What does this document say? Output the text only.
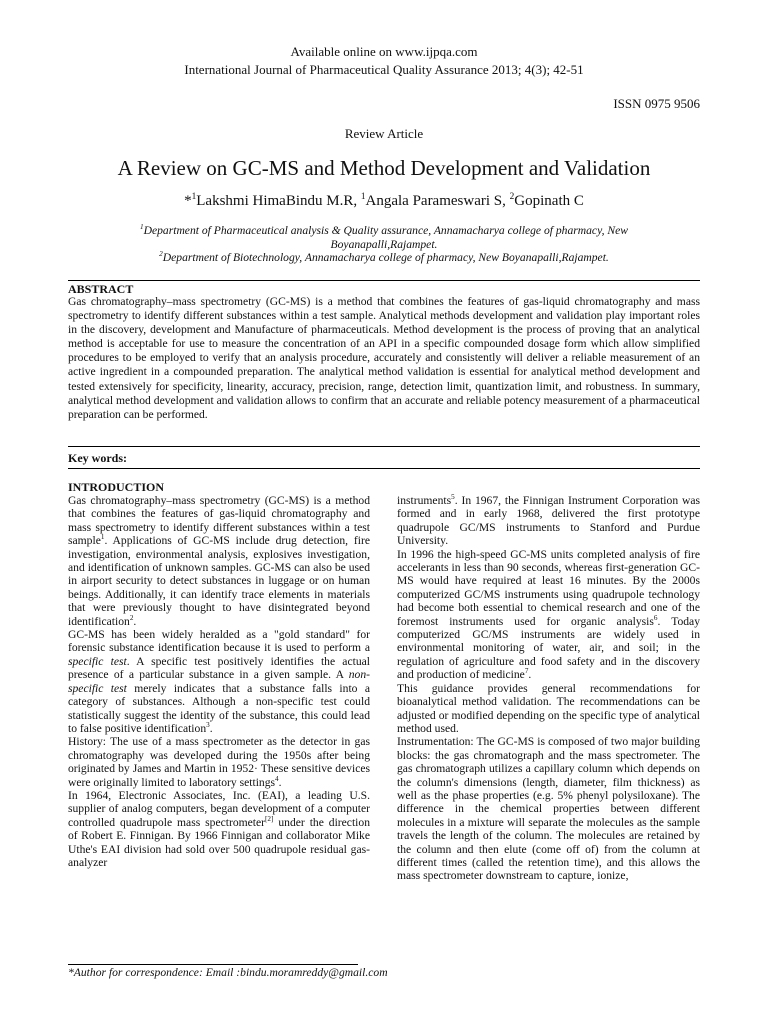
Available online on www.ijpqa.com
International Journal of Pharmaceutical Quality Assurance 2013; 4(3); 42-51
ISSN 0975 9506
Review Article
A Review on GC-MS and Method Development and Validation
*$^1$Lakshmi HimaBindu M.R, $^1$Angala Parameswari S, $^2$Gopinath C
$^1$Department of Pharmaceutical analysis & Quality assurance, Annamacharya college of pharmacy, New
Boyanapalli,Rajampet.
$^2$Department of Biotechnology, Annamacharya college of pharmacy, New Boyanapalli,Rajampet.
ABSTRACT
Gas chromatography–mass spectrometry (GC-MS) is a method that combines the features of gas-liquid chromatography and mass spectrometry to identify different substances within a test sample. Analytical methods development and validation play important roles in the discovery, development and Manufacture of pharmaceuticals. Method development is the process of proving that an analytical method is acceptable for use to measure the concentration of an API in a specific compounded dosage form which allow simplified procedures to be employed to verify that an analysis procedure, accurately and consistently will deliver a reliable measurement of an active ingredient in a compounded preparation. The analytical method validation is essential for analytical method development and tested extensively for specificity, linearity, accuracy, precision, range, detection limit, quantization limit, and robustness. In summary, analytical method development and validation allows to confirm that an accurate and reliable potency measurement of a pharmaceutical preparation can be performed.
Key words:
INTRODUCTION

Gas chromatography–mass spectrometry (GC-MS) is a method that combines the features of gas-liquid chromatography and mass spectrometry to identify different substances within a test sample$^1$. Applications of GC-MS include drug detection, fire investigation, environmental analysis, explosives investigation, and identification of unknown samples. GC-MS can also be used in airport security to detect substances in luggage or on human beings. Additionally, it can identify trace elements in materials that were previously thought to have disintegrated beyond identification$^2$.

GC-MS has been widely heralded as a "gold standard" for forensic substance identification because it is used to perform a specific test. A specific test positively identifies the actual presence of a particular substance in a given sample. A non-specific test merely indicates that a substance falls into a category of substances. Although a non-specific test could statistically suggest the identity of the substance, this could lead to false positive identification$^3$.

History: The use of a mass spectrometer as the detector in gas chromatography was developed during the 1950s after being originated by James and Martin in 1952· These sensitive devices were originally limited to laboratory settings$^4$.

In 1964, Electronic Associates, Inc. (EAI), a leading U.S. supplier of analog computers, began development of a computer controlled quadrupole mass spectrometer[2] under the direction of Robert E. Finnigan. By 1966 Finnigan and collaborator Mike Uthe's EAI division had sold over 500 quadrupole residual gas-analyzer

instruments$^5$. In 1967, the Finnigan Instrument Corporation was formed and in early 1968, delivered the first prototype quadrupole GC/MS instruments to Stanford and Purdue University.

In 1996 the high-speed GC-MS units completed analysis of fire accelerants in less than 90 seconds, whereas first-generation GC-MS would have required at least 16 minutes. By the 2000s computerized GC/MS instruments using quadrupole technology had become both essential to chemical research and one of the foremost instruments used for organic analysis$^6$. Today computerized GC/MS instruments are widely used in environmental monitoring of water, air, and soil; in the regulation of agriculture and food safety and in the discovery and production of medicine$^7$.

This guidance provides general recommendations for bioanalytical method validation. The recommendations can be adjusted or modified depending on the specific type of analytical method used.

Instrumentation: The GC-MS is composed of two major building blocks: the gas chromatograph and the mass spectrometer. The gas chromatograph utilizes a capillary column which depends on the column's dimensions (length, diameter, film thickness) as well as the phase properties (e.g. 5% phenyl polysiloxane). The difference in the chemical properties between different molecules in a mixture will separate the molecules as the sample travels the length of the column. The molecules are retained by the column and then elute (come off of) from the column at different times (called the retention time), and this allows the mass spectrometer downstream to capture, ionize,

*Author for correspondence: Email :bindu.moramreddy@gmail.com
